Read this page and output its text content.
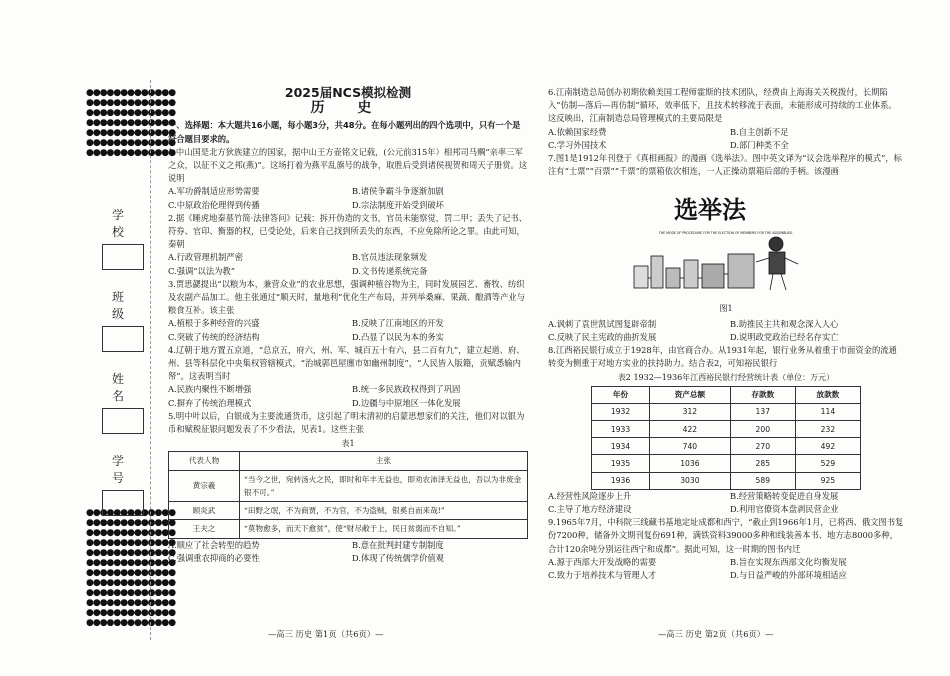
●●●●●●●●●●●●●
●●●●●●●●●●●●●
●●●●●●●●●●●●●
●●●●●●●●●●●●●
●●●●●●●●●●●●●
●●●●●●●●●●●●●
●●●●●●●●●●●●●
●●●●●●●●●●●●●
●●●●●●●●●●●●●
●●●●●●●●●●●●●
●●●●●●●●●●●●●
●●●●●●●●●●●●●
●●●●●●●●●●●●●
●●●●●●●●●●●●●
●●●●●●●●●●●●●
●●●●●●●●●●●●●
●●●●●●●●●●●●●
●●●●●●●●●●●●●
●●●●●●●●●●●●●
学 校
班 级
姓 名
学 号
2025届NCS模拟检测
历 史
一、选择题：本大题共16小题，每小题3分，共48分。在每小题列出的四个选项中，只有一个是符合题目要求的。

1.中山国是北方狄族建立的国家，据中山王方壶铭文记载，(公元前315年）相邦司马赒“亲率三军之众，以征不义之邦(燕)”。这场打着为燕平乱旗号的战争，取胜后受到诸侯视贺和周天子册赏。这说明

A.军功爵制适应形势需要	B.诸侯争霸斗争逐渐加剧
C.中原政治伦理得到传播	D.宗法制度开始受到破坏

2.据《睡虎地秦墓竹简·法律答问》记载：拆开伪造的文书，官员未能察觉，罚二甲；丢失了记书、符券、官印、衡器的权，已受论处，后来自己找到所丢失的东西，不应免除所论之罪。由此可知，秦朝

A.行政管理机制严密	B.官员违法现象频发
C.强调“以法为教”	D.文书传递系统完备

3.贾思勰提出“以粮为本，兼营众业”的农业思想，强调种植谷物为主，同时发展园艺、畜牧、纺织及农副产品加工。他主张通过“顺天时，量地利”优化生产布局，并列举桑麻、果蔬、酿酒等产业与粮食互补。该主张

A.植根于多种经营的兴盛	B.反映了江南地区的开发
C.突破了传统的经济结构	D.凸显了以民为本的务实

4.辽朝于地方置五京道，“总京五，府六，州、军、城百五十有六，县二百有九”，建立起道、府、州、县等科层化中央集权管辖模式，“治城郭邑屋廛市如幽州制度”，“人民皆入版籍，贡赋悉输内帑”。这表明当时

A.民族内聚性不断增强	B.统一多民族政权得到了巩固
C.摒弃了传统治理模式	D.边疆与中原地区一体化发展

5.明中叶以后，白银成为主要流通货币，这引起了明末清初的启蒙思想家们的关注，他们对以银为币和赋税征银问题发表了不少看法，见表1。这些主张

表1
代表人物	主张
黄宗羲	“当今之世，宛转汤火之民，即时和年丰无益也，即劝农沛泽无益也，吾以为非废金银不可。”
顾炎武	“田野之氓，不为商贾，不为官，不为盗贼，银奚自而来哉!”
王夫之	“莫物愈多，而天下愈贫”，使“财尽敝于上，民日贫弱而不自知。”
A.顺应了社会转型的趋势	B.意在批判封建专制制度
C.强调重农抑商的必要性	D.体现了传统儒学价值观

6.江南制造总局创办初期依赖美国工程师霍斯的技术团队，经费由上海海关关税拨付，长期陷入“仿制—落后—再仿制”循环，效率低下，且技术转移流于表面，未能形成可持续的工业体系。这反映出，江南制造总局管理模式的主要局限是

A.依赖国家经费	B.自主创新不足
C.学习外国技术	D.部门种类不全

7.图1是1912年刊登于《真相画报》的漫画《选举法》。图中英文译为“议会选举程序的模式”，标注有“士票”“百票”“千票”的票箱依次相连，一人正操动票箱后部的手柄。该漫画

选举法
THE MODE OF PROCEDURE FOR THE ELECTION OF MEMBERS FOR THE ASSEMBLIES.
图1
A.讽刺了袁世凯试图复辟帝制	B.助推民主共和观念深入人心
C.反映了民主宪政的曲折发展	D.说明政党政治已经名存实亡

8.江西裕民银行成立于1928年，由官商合办。从1931年起，银行业务从着重于市面资金的流通转变为侧重于对地方实业的扶持助力。结合表2，可知裕民银行

表2 1932—1936年江西裕民银行经营统计表（单位：万元）
年份	资产总额	存款数	放款数
1932	312	137	114
1933	422	200	232
1934	740	270	492
1935	1036	285	529
1936	3030	589	925
A.经营性风险逐步上升	B.经营策略转变促进自身发展
C.主导了地方经济建设	D.利用官僚资本盘剥民营企业

9.1965年7月，中科院三线藏书基地定址成都和西宁，“截止到1966年1月，已将西、俄文图书复份7200种，储备外文期刊复份691种，满铁资料39000多种和线装善本书、地方志8000多种，合计120余吨分别运往西宁和成都”。据此可知，这一时期的图书内迁

A.源于西部大开发战略的需要	B.旨在实现东西部文化均衡发展
C.致力于培养技术与管理人才	D.与日益严峻的外部环境相适应
—高三 历史 第1页（共6页）—	—高三 历史 第2页（共6页）—
